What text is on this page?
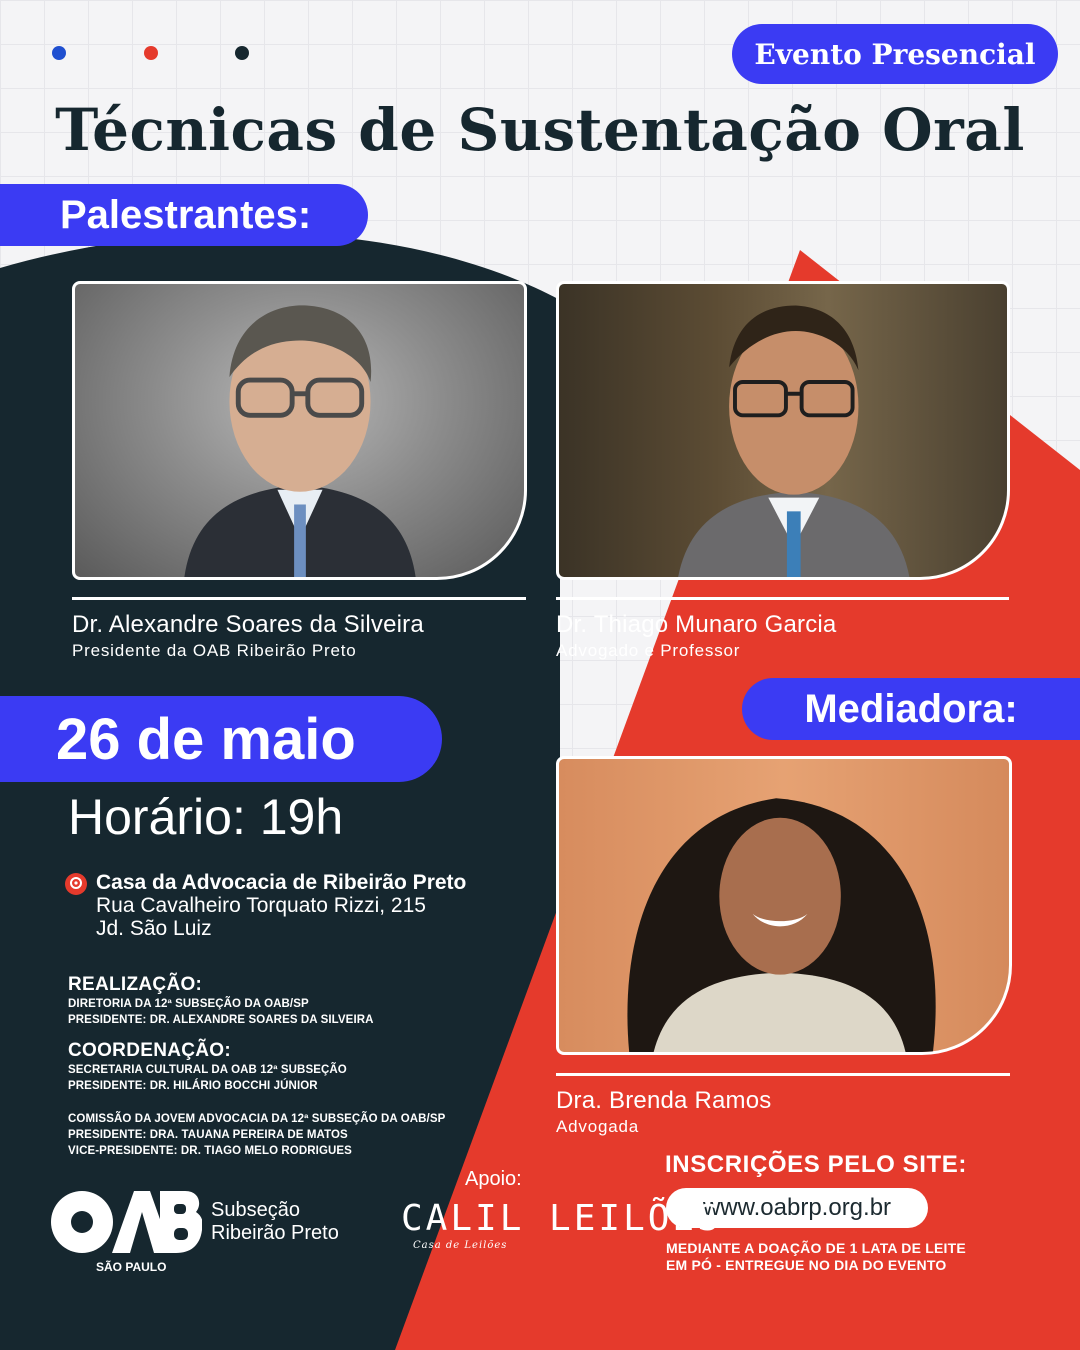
Evento Presencial
Técnicas de Sustentação Oral
Palestrantes:
Dr. Alexandre Soares da Silveira
Presidente da OAB Ribeirão Preto
Dr. Thiago Munaro Garcia
Advogado e Professor
Mediadora:
26 de maio
Horário: 19h
Casa da Advocacia de Ribeirão Preto
Rua Cavalheiro Torquato Rizzi, 215
Jd. São Luiz
Dra. Brenda Ramos
Advogada
REALIZAÇÃO:
DIRETORIA DA 12ª SUBSEÇÃO DA OAB/SP
PRESIDENTE: DR. ALEXANDRE SOARES DA SILVEIRA
COORDENAÇÃO:
SECRETARIA CULTURAL DA OAB 12ª SUBSEÇÃO
PRESIDENTE: DR. HILÁRIO BOCCHI JÚNIOR
COMISSÃO DA JOVEM ADVOCACIA DA 12ª SUBSEÇÃO DA OAB/SP
PRESIDENTE: DRA. TAUANA PEREIRA DE MATOS
VICE-PRESIDENTE: DR. TIAGO MELO RODRIGUES	INSCRIÇÕES PELO SITE:
www.oabrp.org.br
MEDIANTE A DOAÇÃO DE 1 LATA DE LEITE
EM PÓ - ENTREGUE NO DIA DO EVENTO
SÃO PAULO
Subseção
Ribeirão Preto
Apoio:
CALIL LEILÕES
Casa de Leilões
